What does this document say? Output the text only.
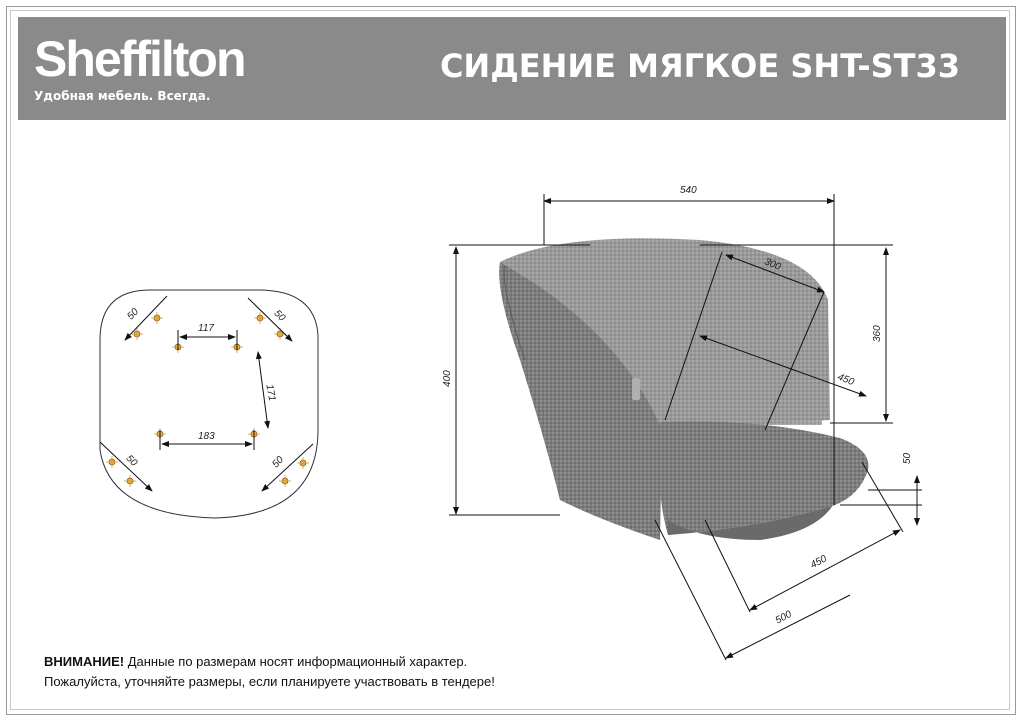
Sheffilton
Удобная мебель. Всегда.
СИДЕНИЕ МЯГКОЕ SHT-ST33
50	50
50	50
117
171
183
540
300
360
450
50
400
450
500
ВНИМАНИЕ! Данные по размерам носят информационный характер.
Пожалуйста, уточняйте размеры, если планируете участвовать в тендере!
